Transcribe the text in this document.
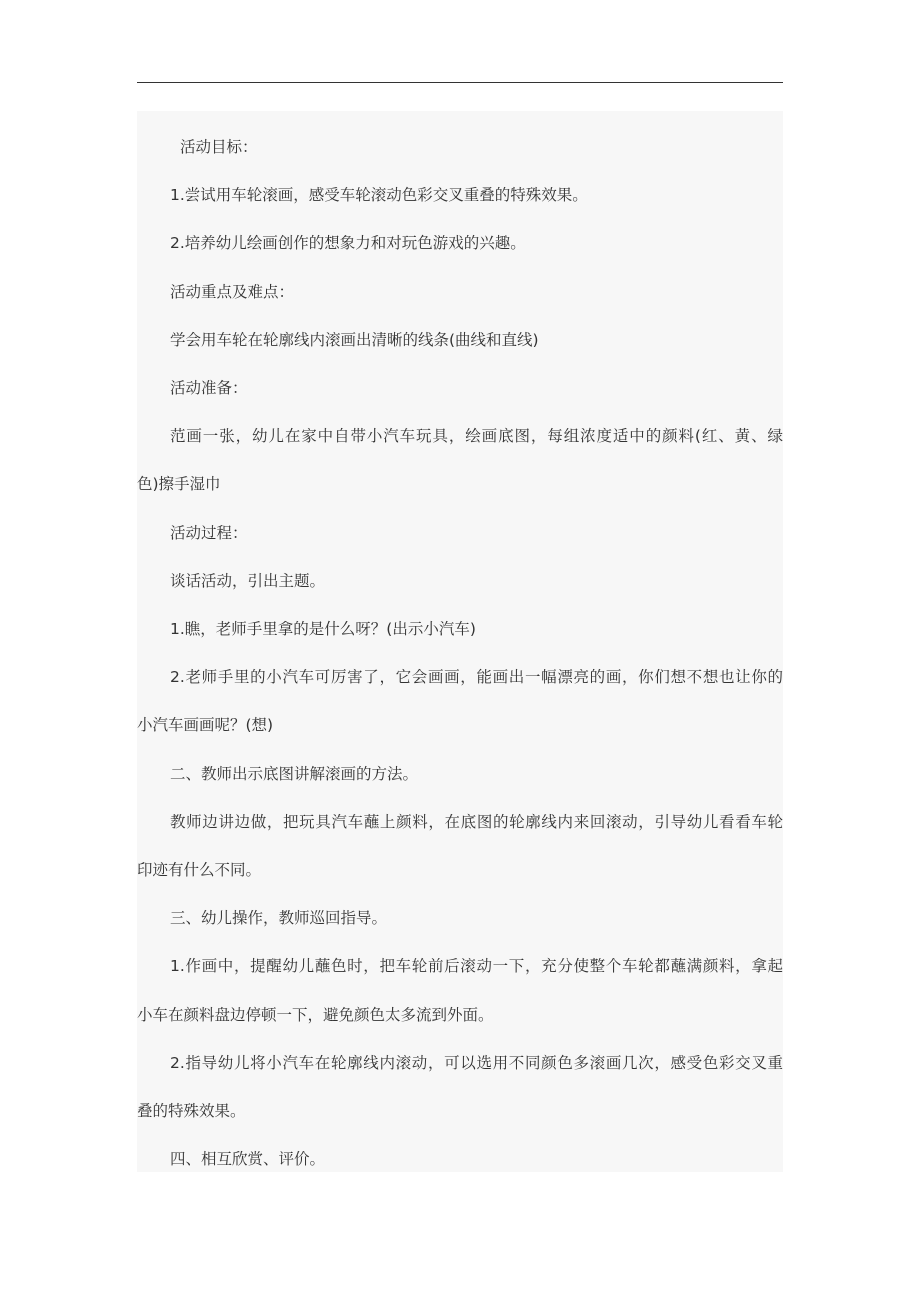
活动目标：

1.尝试用车轮滚画，感受车轮滚动色彩交叉重叠的特殊效果。

2.培养幼儿绘画创作的想象力和对玩色游戏的兴趣。

活动重点及难点：

学会用车轮在轮廓线内滚画出清晰的线条(曲线和直线)

活动准备：

范画一张，幼儿在家中自带小汽车玩具，绘画底图，每组浓度适中的颜料(红、黄、绿
色)擦手湿巾

活动过程：

谈话活动，引出主题。

1.瞧，老师手里拿的是什么呀？(出示小汽车)

2.老师手里的小汽车可厉害了，它会画画，能画出一幅漂亮的画，你们想不想也让你的
小汽车画画呢？(想)

二、教师出示底图讲解滚画的方法。

教师边讲边做，把玩具汽车蘸上颜料，在底图的轮廓线内来回滚动，引导幼儿看看车轮
印迹有什么不同。

三、幼儿操作，教师巡回指导。

1.作画中，提醒幼儿蘸色时，把车轮前后滚动一下，充分使整个车轮都蘸满颜料，拿起
小车在颜料盘边停顿一下，避免颜色太多流到外面。

2.指导幼儿将小汽车在轮廓线内滚动，可以选用不同颜色多滚画几次，感受色彩交叉重
叠的特殊效果。

四、相互欣赏、评价。
